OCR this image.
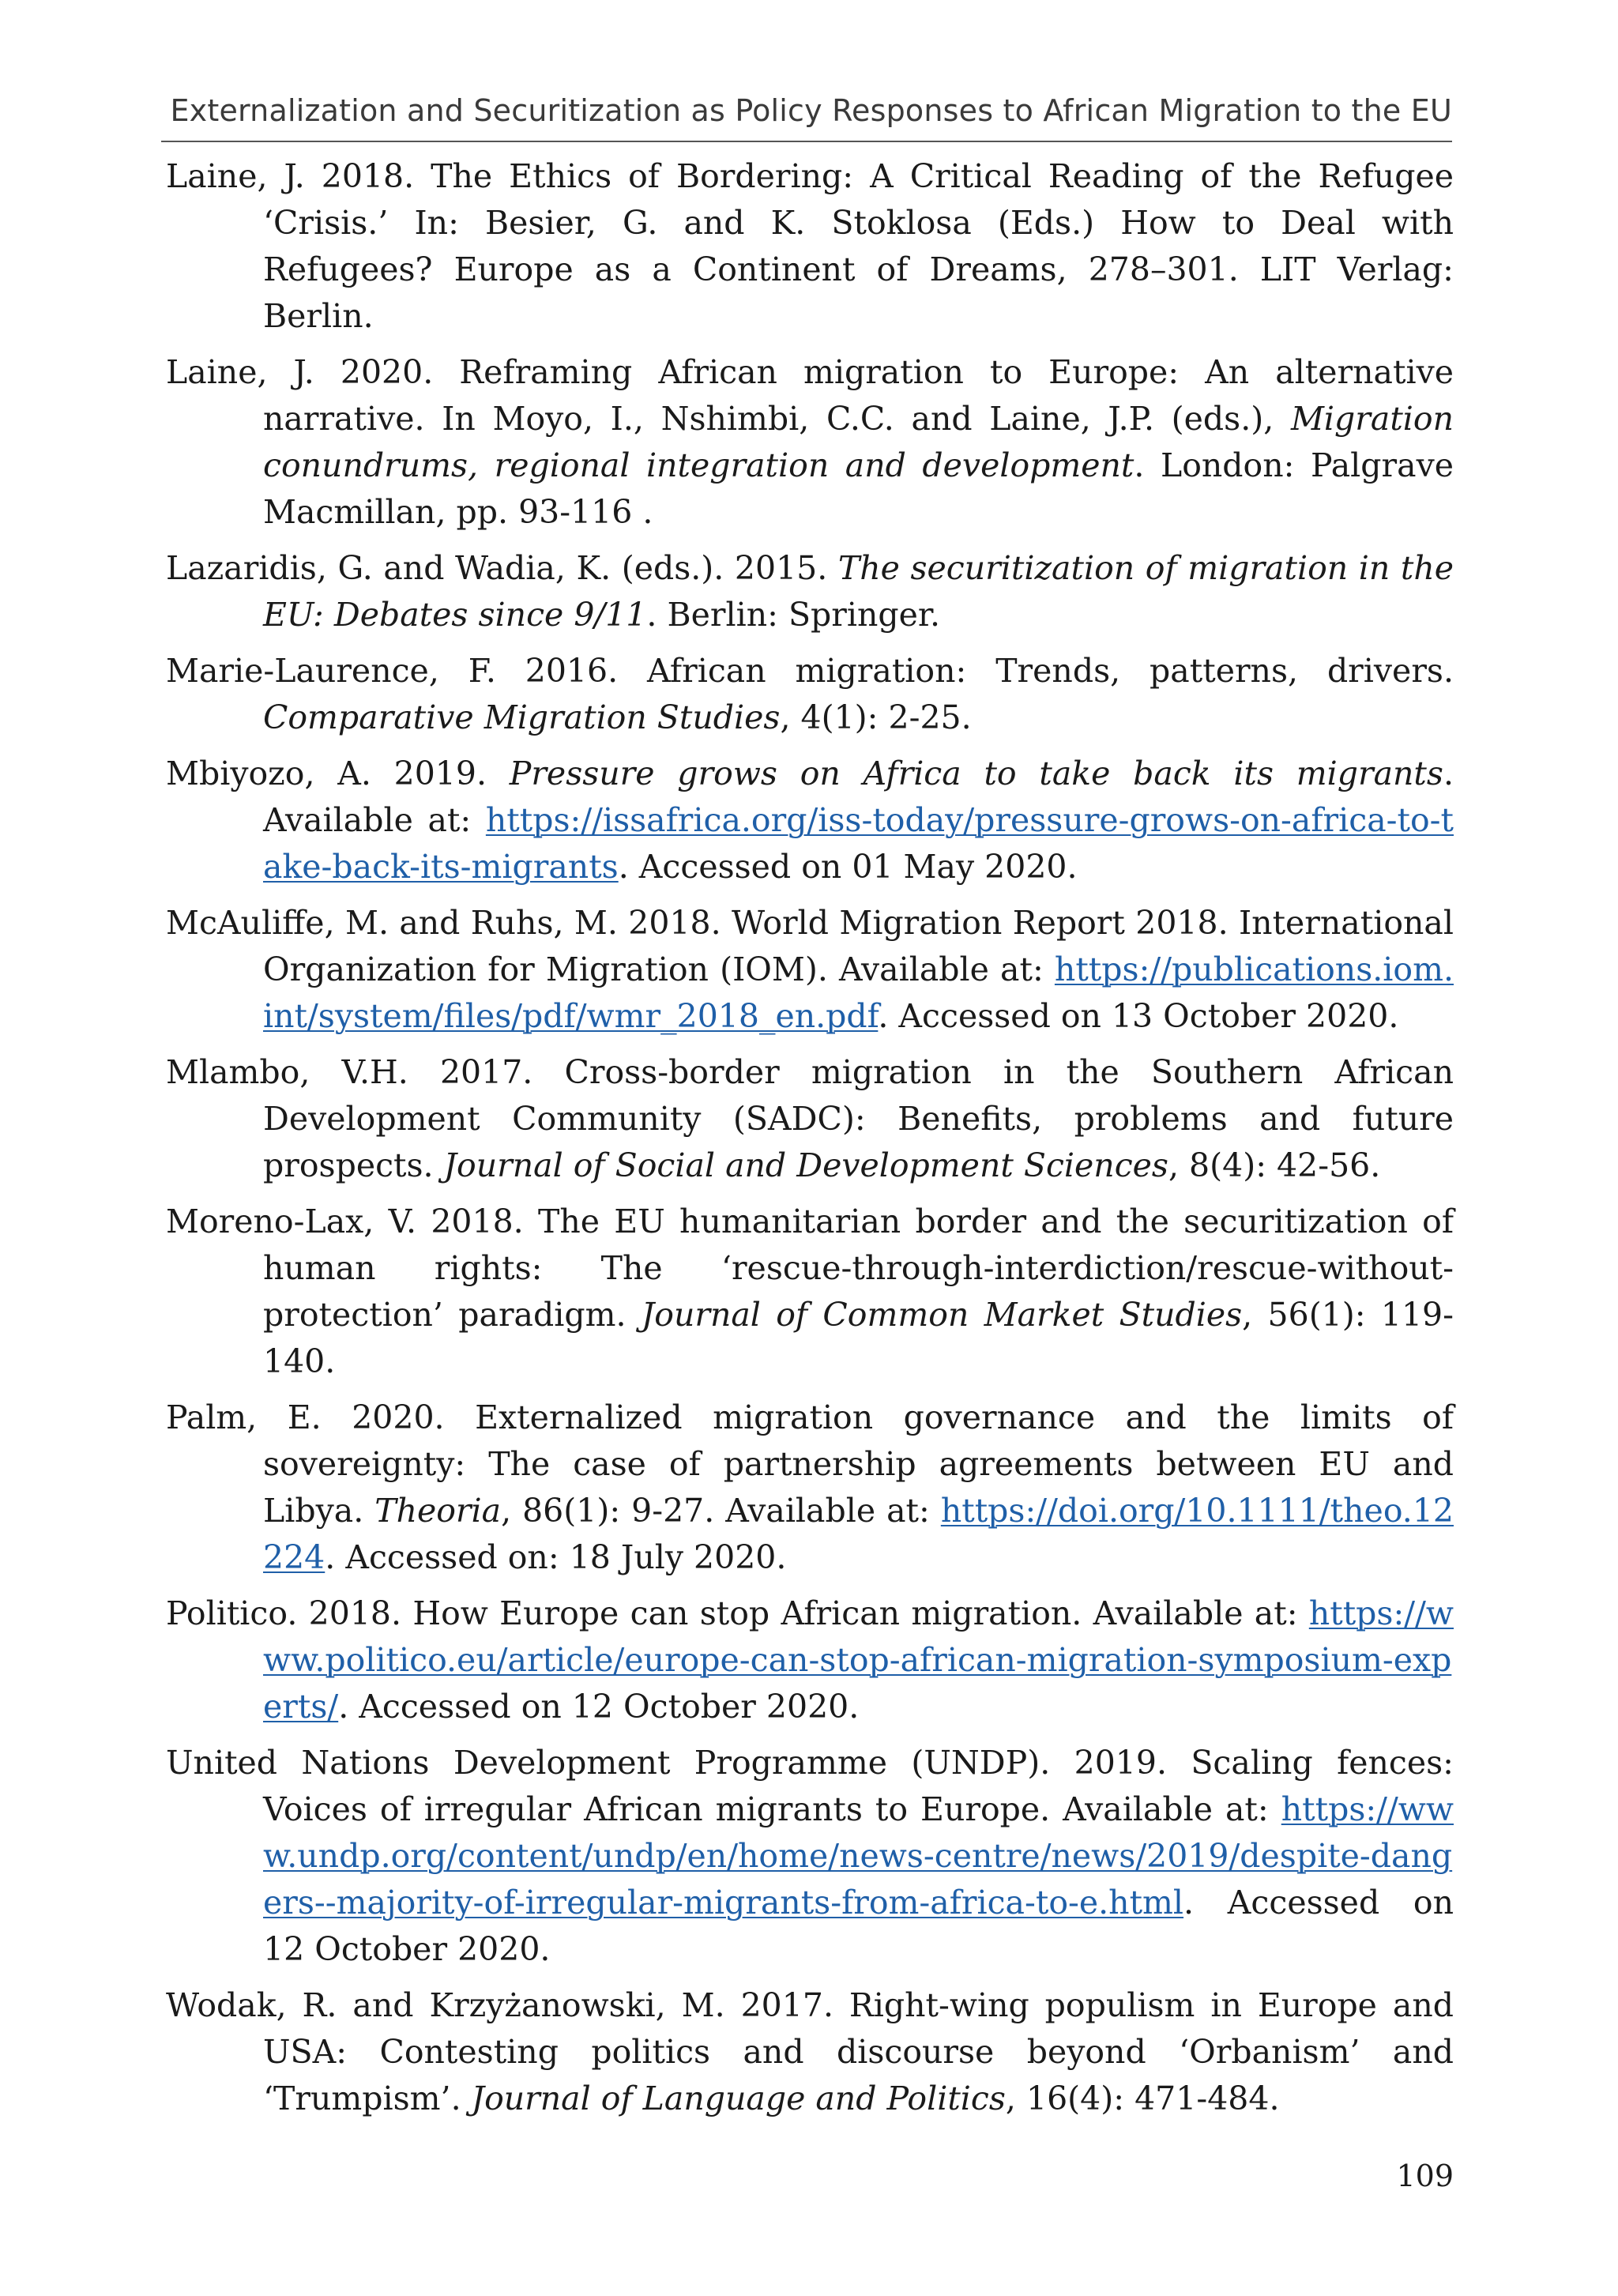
Externalization and Securitization as Policy Responses to African Migration to the EU
Laine, J. 2018. The Ethics of Bordering: A Critical Reading of the Refugee ‘Crisis.’ In: Besier, G. and K. Stoklosa (Eds.) How to Deal with Refugees? Europe as a Continent of Dreams, 278–301. LIT Verlag: Berlin.
Laine, J. 2020. Reframing African migration to Europe: An alternative narrative. In Moyo, I., Nshimbi, C.C. and Laine, J.P. (eds.), Migration conundrums, regional integration and development. London: Palgrave Macmillan, pp. 93-116 .
Lazaridis, G. and Wadia, K. (eds.). 2015. The securitization of migration in the EU: Debates since 9/11. Berlin: Springer.
Marie-Laurence, F. 2016. African migration: Trends, patterns, drivers. Comparative Migration Studies, 4(1): 2-25.
Mbiyozo, A. 2019. Pressure grows on Africa to take back its migrants. Available at: https://issafrica.org/iss-today/pressure-grows-on-africa-to-take-back-its-migrants. Accessed on 01 May 2020.
McAuliffe, M. and Ruhs, M. 2018. World Migration Report 2018. International Organization for Migration (IOM). Available at: https://publications.iom.int/system/files/pdf/wmr_2018_en.pdf. Accessed on 13 October 2020.
Mlambo, V.H. 2017. Cross-border migration in the Southern African Development Community (SADC): Benefits, problems and future prospects. Journal of Social and Development Sciences, 8(4): 42-56.
Moreno-Lax, V. 2018. The EU humanitarian border and the securitization of human rights: The ‘rescue-through-interdiction/rescue-without-protection’ paradigm. Journal of Common Market Studies, 56(1): 119-140.
Palm, E. 2020. Externalized migration governance and the limits of sovereignty: The case of partnership agreements between EU and Libya. Theoria, 86(1): 9-27. Available at: https://doi.org/10.1111/theo.12224. Accessed on: 18 July 2020.
Politico. 2018. How Europe can stop African migration. Available at: https://www.politico.eu/article/europe-can-stop-african-migration-symposium-experts/. Accessed on 12 October 2020.
United Nations Development Programme (UNDP). 2019. Scaling fences: Voices of irregular African migrants to Europe. Available at: https://www.undp.org/content/undp/en/home/news-centre/news/2019/despite-dangers--majority-of-irregular-migrants-from-africa-to-e.html. Accessed on 12 October 2020.
Wodak, R. and Krzyżanowski, M. 2017. Right-wing populism in Europe and USA: Contesting politics and discourse beyond ‘Orbanism’ and ‘Trumpism’. Journal of Language and Politics, 16(4): 471-484.
109
